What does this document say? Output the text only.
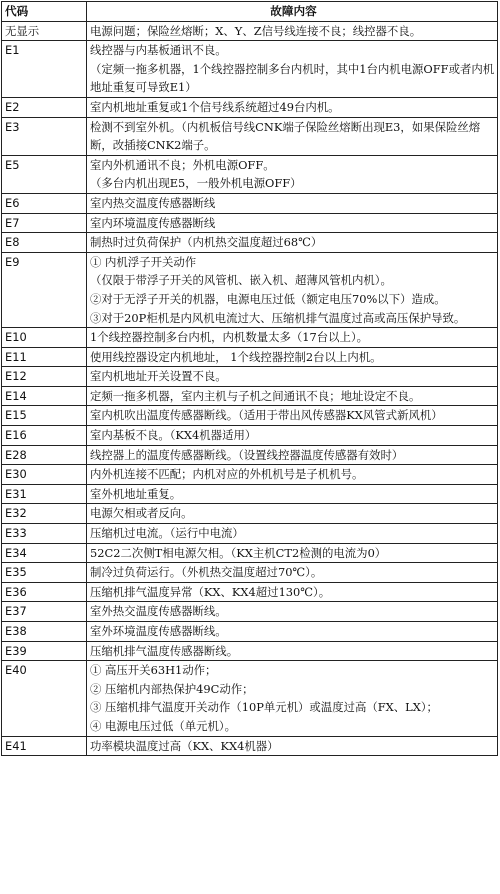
代码	故障内容
无显示	电源问题；保险丝熔断；X、Y、Z信号线连接不良；线控器不良。

E1	线控器与内基板通讯不良。
（定频一拖多机器，1个线控器控制多台内机时，其中1台内机电源OFF或者内机地址重复可导致E1）

E2	室内机地址重复或1个信号线系统超过49台内机。

E3	检测不到室外机。（内机板信号线CNK端子保险丝熔断出现E3，如果保险丝熔断，改插接CNK2端子。

E5	室内外机通讯不良；外机电源OFF。
（多台内机出现E5，一般外机电源OFF）

E6	室内热交温度传感器断线

E7	室内环境温度传感器断线

E8	制热时过负荷保护（内机热交温度超过68℃）

E9	① 内机浮子开关动作
（仅限于带浮子开关的风管机、嵌入机、超薄风管机内机）。
②对于无浮子开关的机器，电源电压过低（额定电压70%以下）造成。
③对于20P柜机是内风机电流过大、压缩机排气温度过高或高压保护导致。

E10	1个线控器控制多台内机，内机数量太多（17台以上）。

E11	使用线控器设定内机地址， 1个线控器控制2台以上内机。

E12	室内机地址开关设置不良。

E14	定频一拖多机器，室内主机与子机之间通讯不良；地址设定不良。

E15	室内机吹出温度传感器断线。（适用于带出风传感器KX风管式新风机）

E16	室内基板不良。（KX4机器适用）

E28	线控器上的温度传感器断线。（设置线控器温度传感器有效时）

E30	内外机连接不匹配；内机对应的外机机号是子机机号。

E31	室外机地址重复。

E32	电源欠相或者反向。

E33	压缩机过电流。（运行中电流）

E34	52C2二次侧T相电源欠相。（KX主机CT2检测的电流为0）

E35	制冷过负荷运行。（外机热交温度超过70℃）。

E36	压缩机排气温度异常（KX、KX4超过130℃）。

E37	室外热交温度传感器断线。

E38	室外环境温度传感器断线。

E39	压缩机排气温度传感器断线。

E40	① 高压开关63H1动作；
② 压缩机内部热保护49C动作；
③ 压缩机排气温度开关动作（10P单元机）或温度过高（FX、LX）；
④ 电源电压过低（单元机）。

E41	功率模块温度过高（KX、KX4机器）
